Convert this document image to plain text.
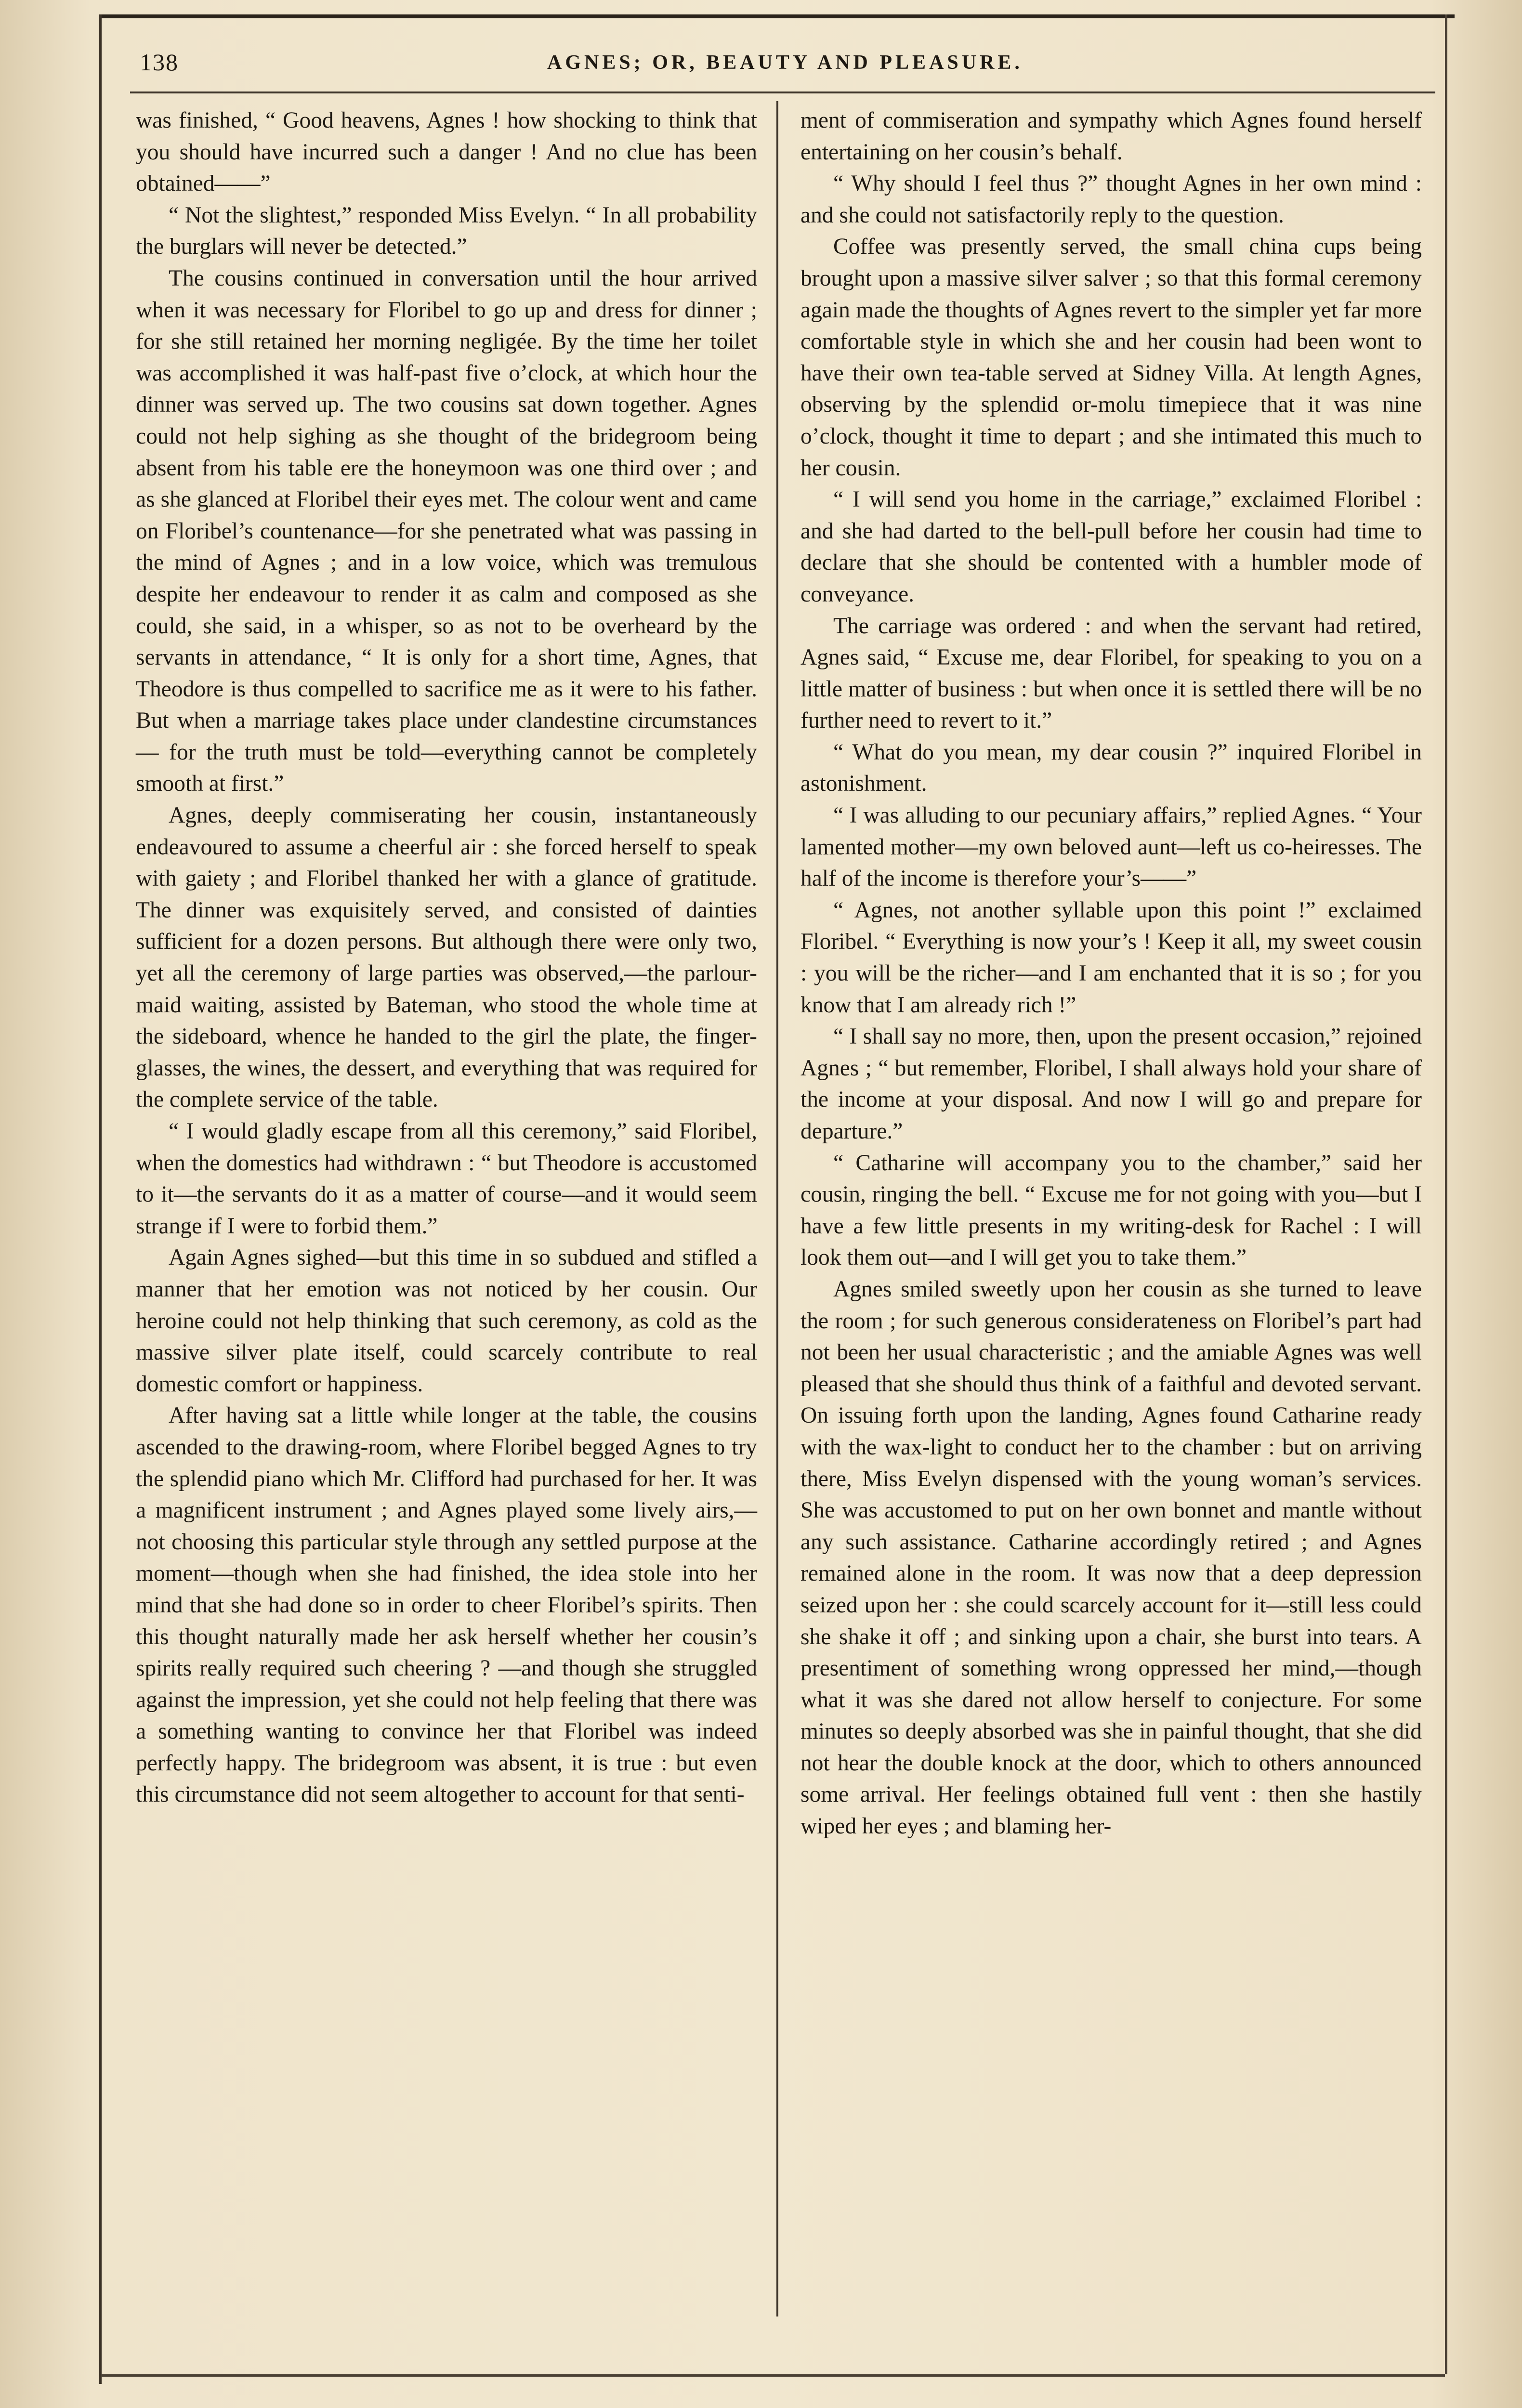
138	AGNES; OR, BEAUTY AND PLEASURE.

was finished, “ Good heavens, Agnes ! how shocking to think that you should have incurred such a danger ! And no clue has been obtained——”

“ Not the slightest,” responded Miss Evelyn. “ In all probability the burglars will never be detected.”

The cousins continued in conversation until the hour arrived when it was necessary for Floribel to go up and dress for dinner ; for she still retained her morning negligée. By the time her toilet was accomplished it was half-past five o’clock, at which hour the dinner was served up. The two cousins sat down together. Agnes could not help sighing as she thought of the bridegroom being absent from his table ere the honeymoon was one third over ; and as she glanced at Floribel their eyes met. The colour went and came on Floribel’s countenance—for she penetrated what was passing in the mind of Agnes ; and in a low voice, which was tremulous despite her endeavour to render it as calm and composed as she could, she said, in a whisper, so as not to be overheard by the servants in attendance, “ It is only for a short time, Agnes, that Theodore is thus compelled to sacrifice me as it were to his father. But when a marriage takes place under clandestine circumstances — for the truth must be told—everything cannot be completely smooth at first.”

Agnes, deeply commiserating her cousin, instantaneously endeavoured to assume a cheerful air : she forced herself to speak with gaiety ; and Floribel thanked her with a glance of gratitude. The dinner was exquisitely served, and consisted of dainties sufficient for a dozen persons. But although there were only two, yet all the ceremony of large parties was observed,—the parlour-maid waiting, assisted by Bateman, who stood the whole time at the sideboard, whence he handed to the girl the plate, the finger-glasses, the wines, the dessert, and everything that was required for the complete service of the table.

“ I would gladly escape from all this ceremony,” said Floribel, when the domestics had withdrawn : “ but Theodore is accustomed to it—the servants do it as a matter of course—and it would seem strange if I were to forbid them.”

Again Agnes sighed—but this time in so subdued and stifled a manner that her emotion was not noticed by her cousin. Our heroine could not help thinking that such ceremony, as cold as the massive silver plate itself, could scarcely contribute to real domestic comfort or happiness.

After having sat a little while longer at the table, the cousins ascended to the drawing-room, where Floribel begged Agnes to try the splendid piano which Mr. Clifford had purchased for her. It was a magnificent instrument ; and Agnes played some lively airs,— not choosing this particular style through any settled purpose at the moment—though when she had finished, the idea stole into her mind that she had done so in order to cheer Floribel’s spirits. Then this thought naturally made her ask herself whether her cousin’s spirits really required such cheering ? —and though she struggled against the impression, yet she could not help feeling that there was a something wanting to convince her that Floribel was indeed perfectly happy. The bridegroom was absent, it is true : but even this circumstance did not seem altogether to account for that senti-

ment of commiseration and sympathy which Agnes found herself entertaining on her cousin’s behalf.

“ Why should I feel thus ?” thought Agnes in her own mind : and she could not satisfactorily reply to the question.

Coffee was presently served, the small china cups being brought upon a massive silver salver ; so that this formal ceremony again made the thoughts of Agnes revert to the simpler yet far more comfortable style in which she and her cousin had been wont to have their own tea-table served at Sidney Villa. At length Agnes, observing by the splendid or-molu timepiece that it was nine o’clock, thought it time to depart ; and she intimated this much to her cousin.

“ I will send you home in the carriage,” exclaimed Floribel : and she had darted to the bell-pull before her cousin had time to declare that she should be contented with a humbler mode of conveyance.

The carriage was ordered : and when the servant had retired, Agnes said, “ Excuse me, dear Floribel, for speaking to you on a little matter of business : but when once it is settled there will be no further need to revert to it.”

“ What do you mean, my dear cousin ?” inquired Floribel in astonishment.

“ I was alluding to our pecuniary affairs,” replied Agnes. “ Your lamented mother—my own beloved aunt—left us co-heiresses. The half of the income is therefore your’s——”

“ Agnes, not another syllable upon this point !” exclaimed Floribel. “ Everything is now your’s ! Keep it all, my sweet cousin : you will be the richer—and I am enchanted that it is so ; for you know that I am already rich !”

“ I shall say no more, then, upon the present occasion,” rejoined Agnes ; “ but remember, Floribel, I shall always hold your share of the income at your disposal. And now I will go and prepare for departure.”

“ Catharine will accompany you to the chamber,” said her cousin, ringing the bell. “ Excuse me for not going with you—but I have a few little presents in my writing-desk for Rachel : I will look them out—and I will get you to take them.”

Agnes smiled sweetly upon her cousin as she turned to leave the room ; for such generous considerateness on Floribel’s part had not been her usual characteristic ; and the amiable Agnes was well pleased that she should thus think of a faithful and devoted servant. On issuing forth upon the landing, Agnes found Catharine ready with the wax-light to conduct her to the chamber : but on arriving there, Miss Evelyn dispensed with the young woman’s services. She was accustomed to put on her own bonnet and mantle without any such assistance. Catharine accordingly retired ; and Agnes remained alone in the room. It was now that a deep depression seized upon her : she could scarcely account for it—still less could she shake it off ; and sinking upon a chair, she burst into tears. A presentiment of something wrong oppressed her mind,—though what it was she dared not allow herself to conjecture. For some minutes so deeply absorbed was she in painful thought, that she did not hear the double knock at the door, which to others announced some arrival. Her feelings obtained full vent : then she hastily wiped her eyes ; and blaming her-
